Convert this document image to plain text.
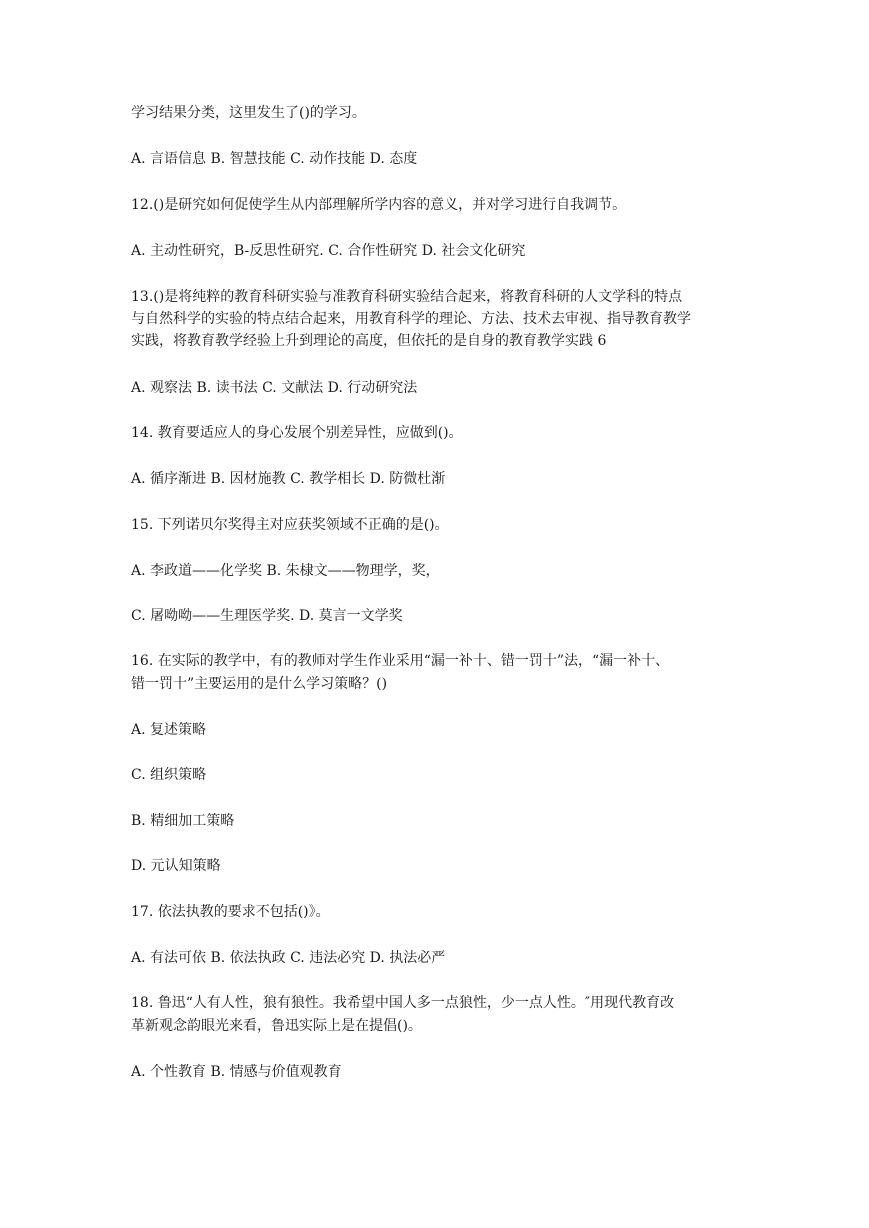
学习结果分类，这里发生了()的学习。
A. 言语信息 B. 智慧技能 C. 动作技能 D. 态度
12.()是研究如何促使学生从内部理解所学内容的意义，并对学习进行自我调节。
A. 主动性研究，B-反思性研究. C. 合作性研究 D. 社会文化研究
13.()是将纯粹的教育科研实验与准教育科研实验结合起来，将教育科研的人文学科的特点
与自然科学的实验的特点结合起来，用教育科学的理论、方法、技术去审视、指导教育教学
实践，将教育教学经验上升到理论的高度，但依托的是自身的教育教学实践 6
A. 观察法 B. 读书法 C. 文献法 D. 行动研究法
14. 教育要适应人的身心发展个别差异性，应做到()。
A. 循序渐进 B. 因材施教 C. 教学相长 D. 防微杜渐
15. 下列诺贝尔奖得主对应获奖领域不正确的是()。
A. 李政道——化学奖 B. 朱棣文——物理学，奖，
C. 屠呦呦——生理医学奖. D. 莫言一文学奖
16. 在实际的教学中，有的教师对学生作业采用“漏一补十、错一罚十”法，“漏一补十、
错一罚十”主要运用的是什么学习策略？()
A. 复述策略
C. 组织策略
B. 精细加工策略
D. 元认知策略
17. 依法执教的要求不包括()》。
A. 有法可依 B. 依法执政 C. 违法必究 D. 执法必严
18. 鲁迅“人有人性，狼有狼性。我希望中国人多一点狼性，少一点人性。″用现代教育改
革新观念韵眼光来看，鲁迅实际上是在提倡()。
A. 个性教育 B. 情感与价值观教育
